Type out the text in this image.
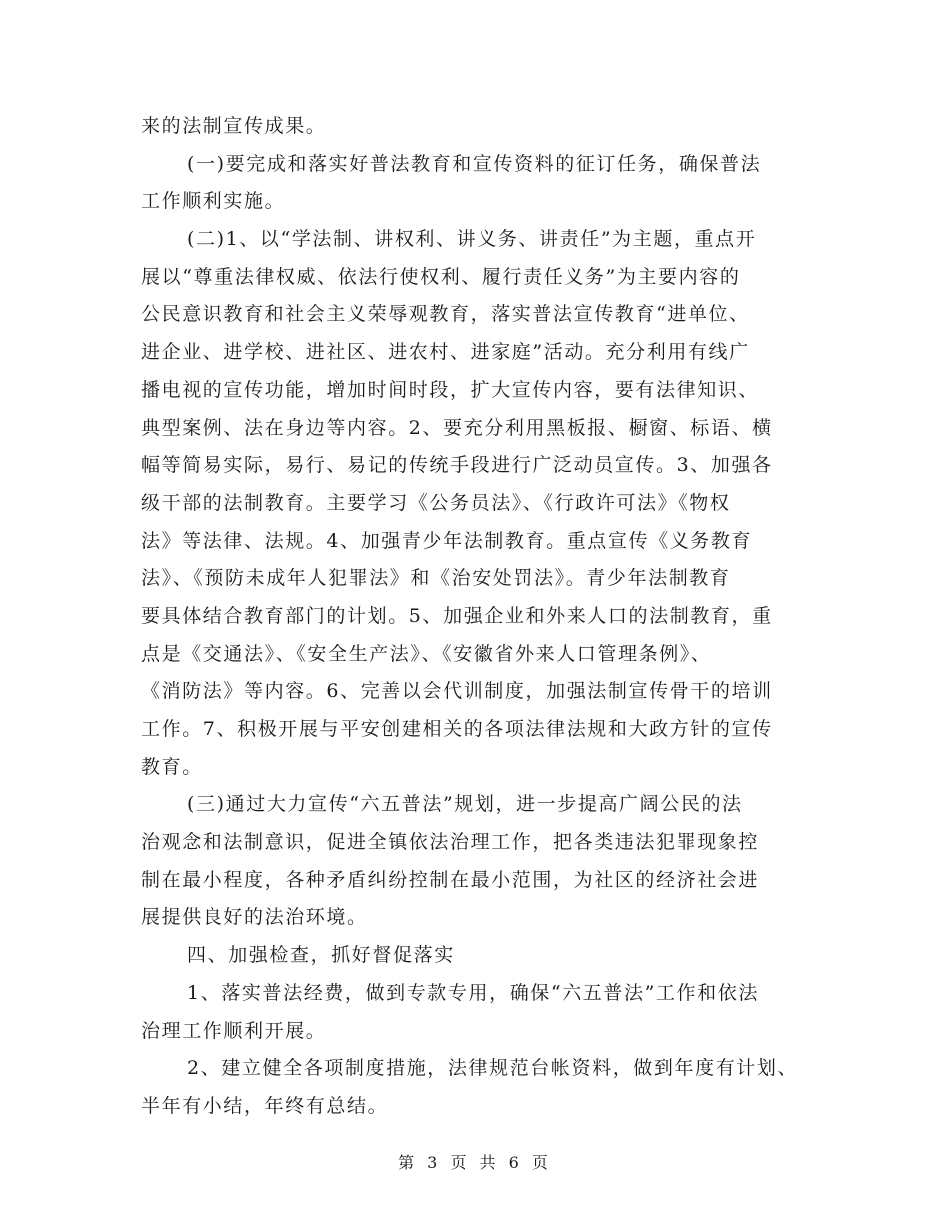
来的法制宣传成果。
(一)要完成和落实好普法教育和宣传资料的征订任务，确保普法
工作顺利实施。
(二)1、以“学法制、讲权利、讲义务、讲责任”为主题，重点开
展以“尊重法律权威、依法行使权利、履行责任义务”为主要内容的
公民意识教育和社会主义荣辱观教育，落实普法宣传教育“进单位、
进企业、进学校、进社区、进农村、进家庭”活动。充分利用有线广
播电视的宣传功能，增加时间时段，扩大宣传内容，要有法律知识、
典型案例、法在身边等内容。2、要充分利用黑板报、橱窗、标语、横
幅等简易实际，易行、易记的传统手段进行广泛动员宣传。3、加强各
级干部的法制教育。主要学习《公务员法》、《行政许可法》《物权
法》等法律、法规。4、加强青少年法制教育。重点宣传《义务教育
法》、《预防未成年人犯罪法》和《治安处罚法》。青少年法制教育
要具体结合教育部门的计划。5、加强企业和外来人口的法制教育，重
点是《交通法》、《安全生产法》、《安徽省外来人口管理条例》、
《消防法》等内容。6、完善以会代训制度，加强法制宣传骨干的培训
工作。7、积极开展与平安创建相关的各项法律法规和大政方针的宣传
教育。
(三)通过大力宣传“六五普法”规划，进一步提高广阔公民的法
治观念和法制意识，促进全镇依法治理工作，把各类违法犯罪现象控
制在最小程度，各种矛盾纠纷控制在最小范围，为社区的经济社会进
展提供良好的法治环境。
四、加强检查，抓好督促落实
1、落实普法经费，做到专款专用，确保“六五普法”工作和依法
治理工作顺利开展。
2、建立健全各项制度措施，法律规范台帐资料，做到年度有计划、
半年有小结，年终有总结。
第 3 页 共 6 页
